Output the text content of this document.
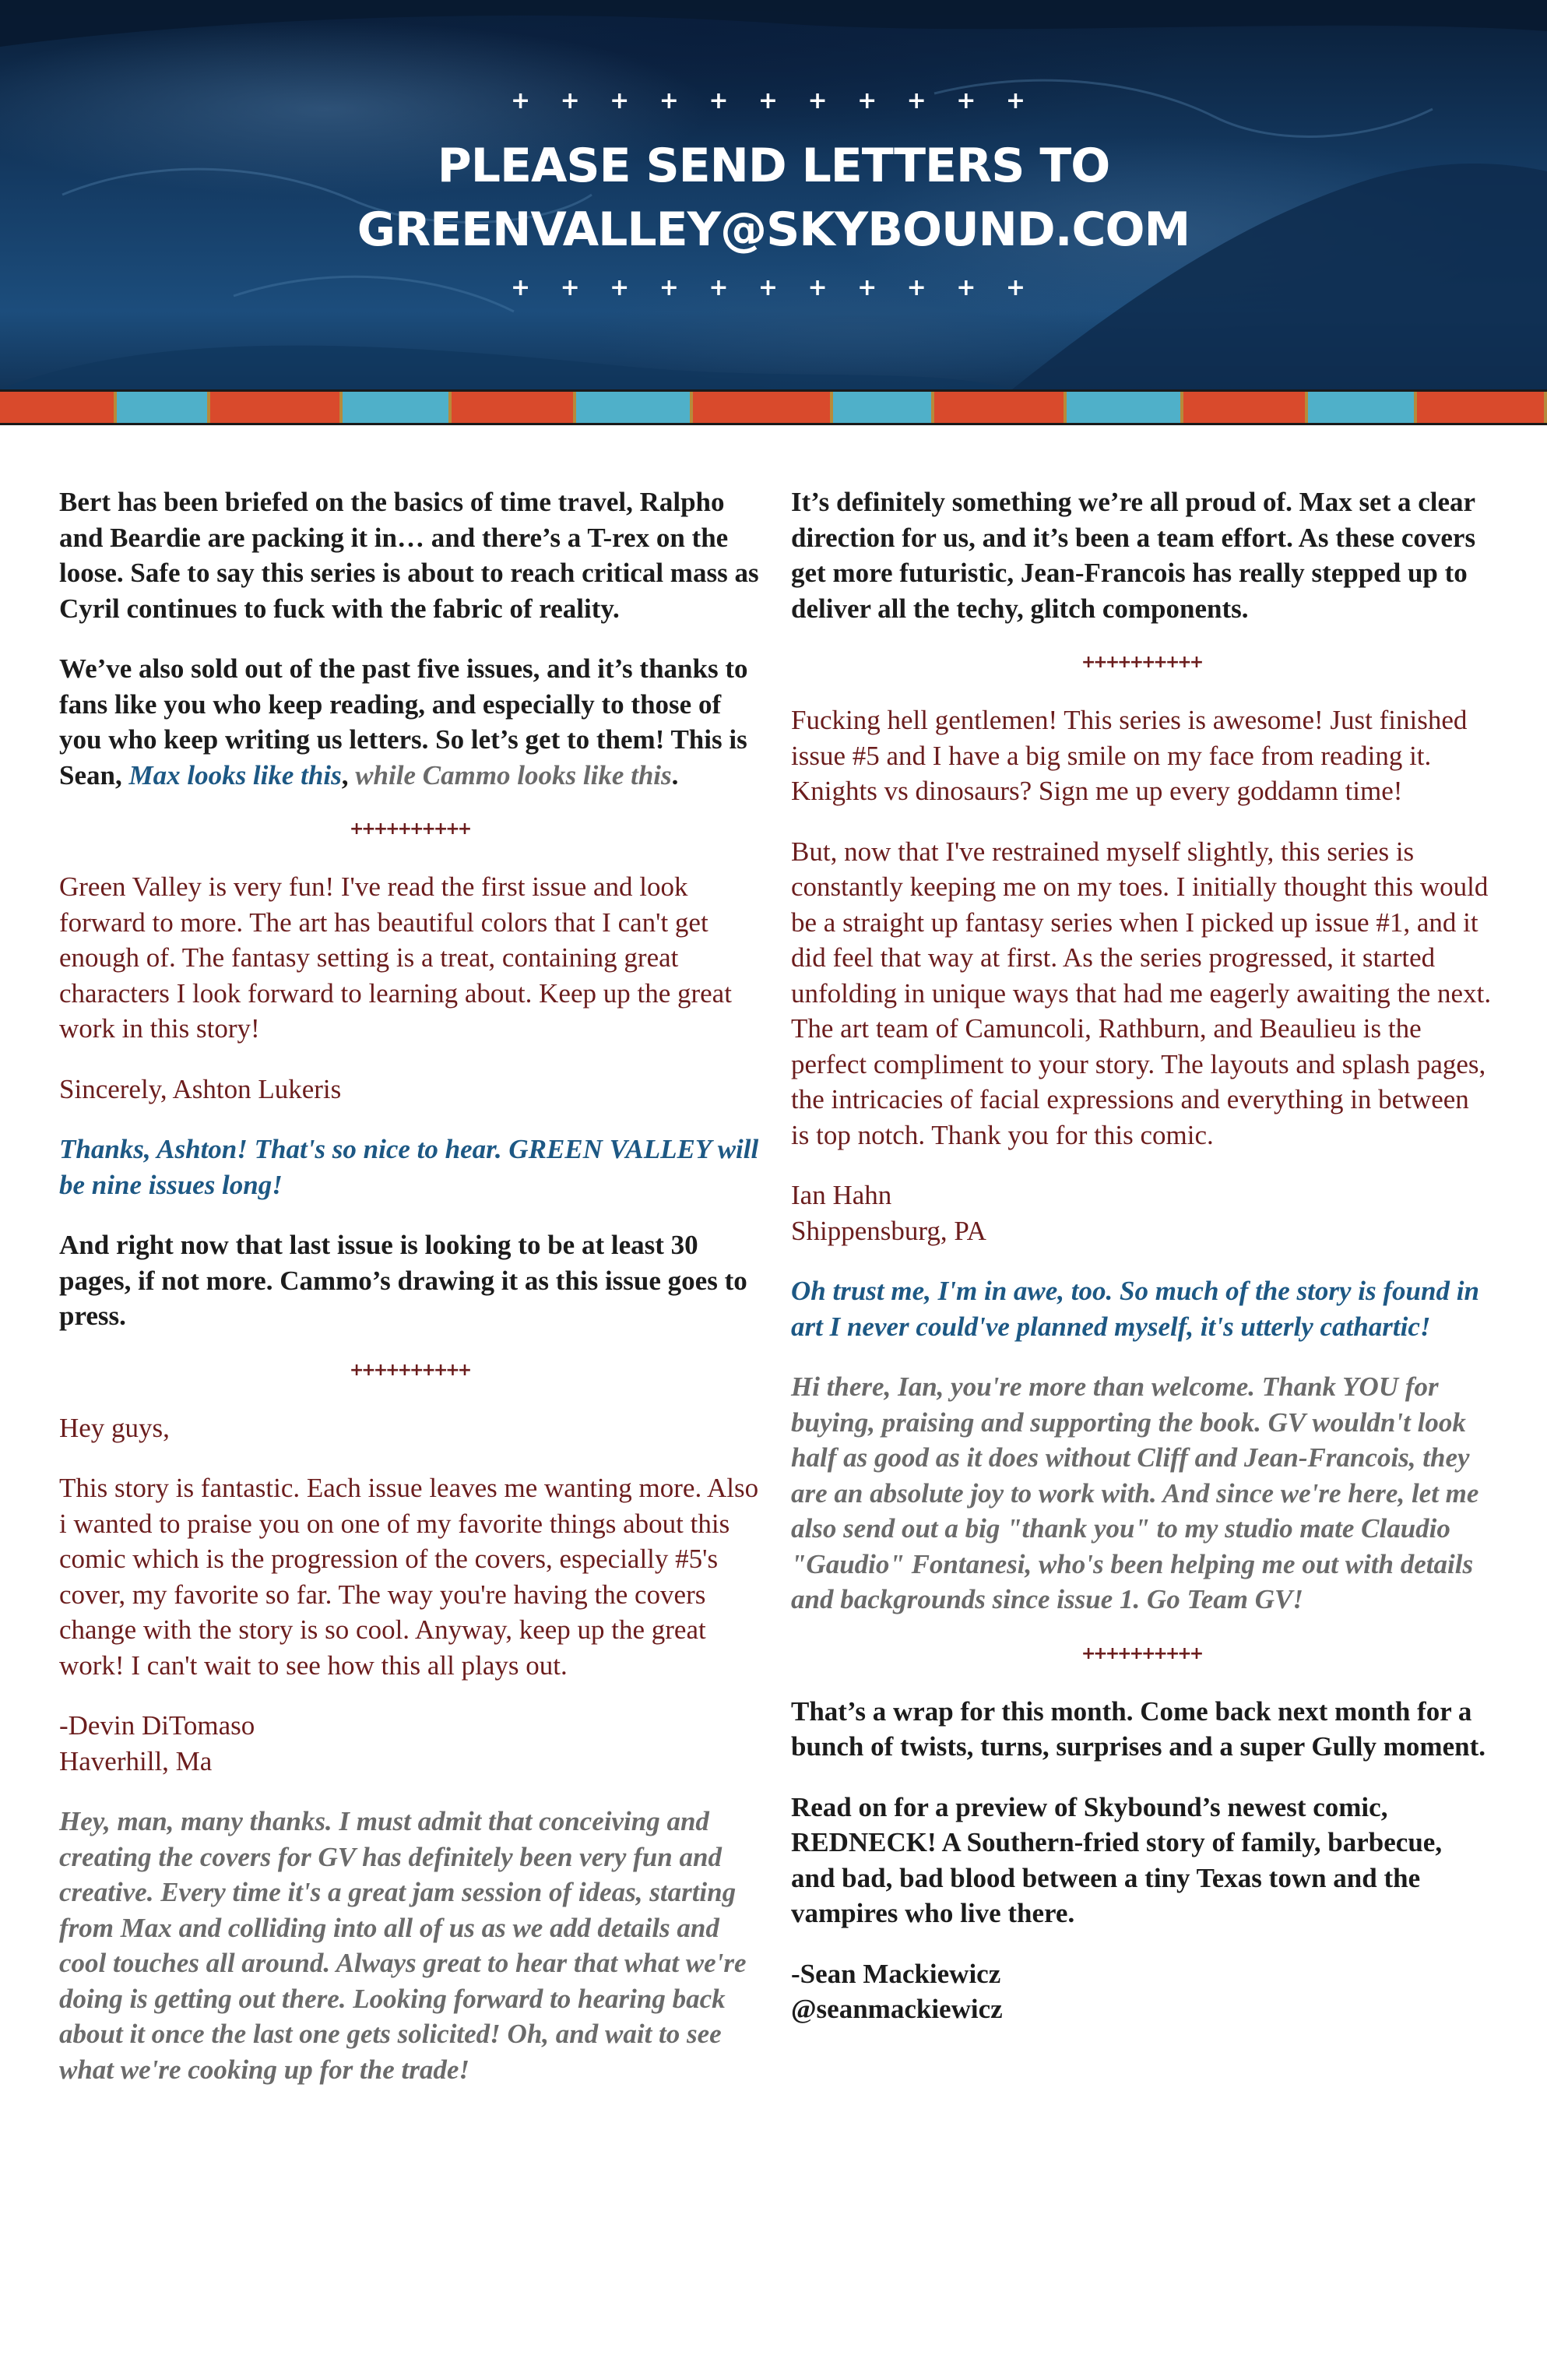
+ + + + + + + + + + +
PLEASE SEND LETTERS TO
GREENVALLEY@SKYBOUND.COM
+ + + + + + + + + + +

Bert has been briefed on the basics of time travel, Ralpho and Beardie are packing it in… and there’s a T-rex on the loose. Safe to say this series is about to reach critical mass as Cyril continues to fuck with the fabric of reality.

We’ve also sold out of the past five issues, and it’s thanks to fans like you who keep reading, and especially to those of you who keep writing us letters. So let’s get to them! This is Sean, Max looks like this, while Cammo looks like this.

++++++++++

Green Valley is very fun! I've read the first issue and look forward to more. The art has beautiful colors that I can't get enough of. The fantasy setting is a treat, containing great characters I look forward to learning about. Keep up the great work in this story!

Sincerely, Ashton Lukeris

Thanks, Ashton! That's so nice to hear. GREEN VALLEY will be nine issues long!

And right now that last issue is looking to be at least 30 pages, if not more. Cammo’s drawing it as this issue goes to press.

++++++++++

Hey guys,

This story is fantastic. Each issue leaves me wanting more. Also i wanted to praise you on one of my favorite things about this comic which is the progression of the covers, especially #5's cover, my favorite so far. The way you're having the covers change with the story is so cool. Anyway, keep up the great work! I can't wait to see how this all plays out.

-Devin DiTomaso
Haverhill, Ma

Hey, man, many thanks. I must admit that conceiving and creating the covers for GV has definitely been very fun and creative. Every time it's a great jam session of ideas, starting from Max and colliding into all of us as we add details and cool touches all around. Always great to hear that what we're doing is getting out there. Looking forward to hearing back about it once the last one gets solicited! Oh, and wait to see what we're cooking up for the trade!

It’s definitely something we’re all proud of. Max set a clear direction for us, and it’s been a team effort. As these covers get more futuristic, Jean-Francois has really stepped up to deliver all the techy, glitch components.

++++++++++

Fucking hell gentlemen! This series is awesome! Just finished issue #5 and I have a big smile on my face from reading it. Knights vs dinosaurs? Sign me up every goddamn time!

But, now that I've restrained myself slightly, this series is constantly keeping me on my toes. I initially thought this would be a straight up fantasy series when I picked up issue #1, and it did feel that way at first. As the series progressed, it started unfolding in unique ways that had me eagerly awaiting the next. The art team of Camuncoli, Rathburn, and Beaulieu is the perfect compliment to your story. The layouts and splash pages, the intricacies of facial expressions and everything in between is top notch. Thank you for this comic.

Ian Hahn
Shippensburg, PA

Oh trust me, I'm in awe, too. So much of the story is found in art I never could've planned myself, it's utterly cathartic!

Hi there, Ian, you're more than welcome. Thank YOU for buying, praising and supporting the book. GV wouldn't look half as good as it does without Cliff and Jean-Francois, they are an absolute joy to work with. And since we're here, let me also send out a big "thank you" to my studio mate Claudio "Gaudio" Fontanesi, who's been helping me out with details and backgrounds since issue 1. Go Team GV!

++++++++++

That’s a wrap for this month. Come back next month for a bunch of twists, turns, surprises and a super Gully moment.

Read on for a preview of Skybound’s newest comic, REDNECK! A Southern-fried story of family, barbecue, and bad, bad blood between a tiny Texas town and the vampires who live there.

-Sean Mackiewicz
@seanmackiewicz
